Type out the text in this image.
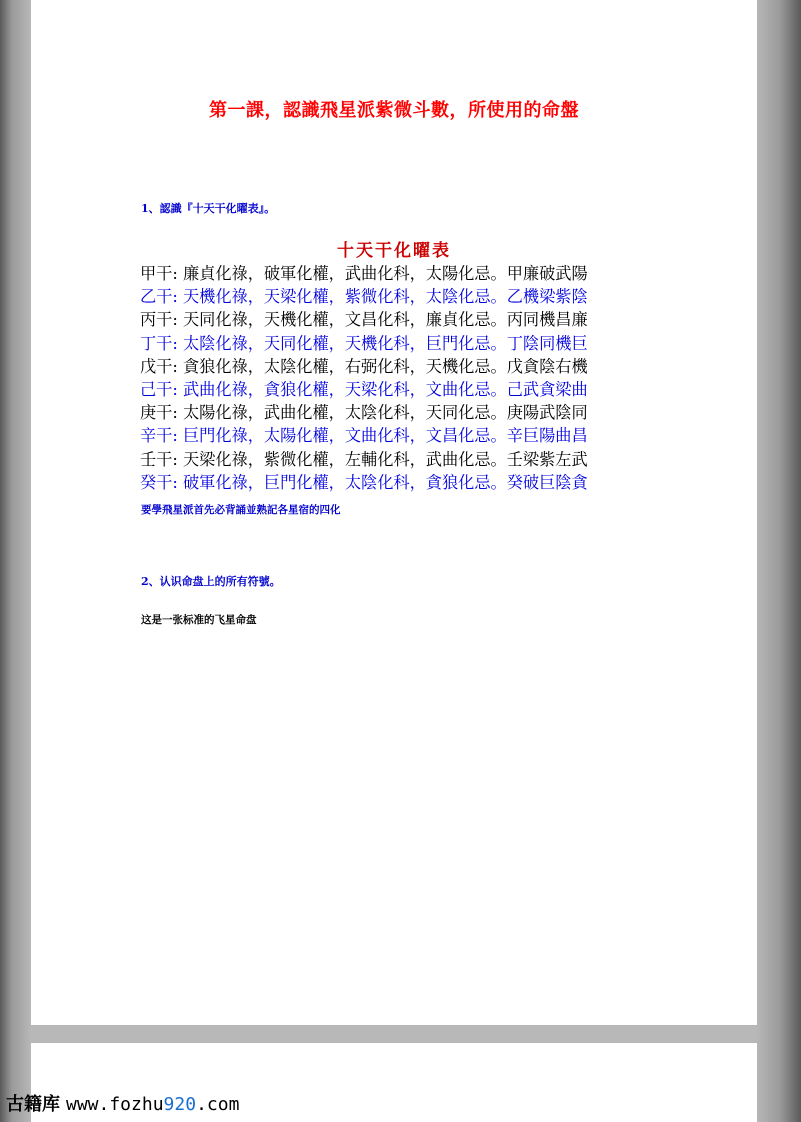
第一課，認識飛星派紫微斗數，所使用的命盤
1、認識『十天干化曜表』。
十天干化曜表
甲干: 廉貞化祿，破軍化權，武曲化科，太陽化忌。甲廉破武陽
乙干: 天機化祿，天梁化權，紫微化科，太陰化忌。乙機梁紫陰
丙干: 天同化祿，天機化權，文昌化科，廉貞化忌。丙同機昌廉
丁干: 太陰化祿，天同化權，天機化科，巨門化忌。丁陰同機巨
戊干: 貪狼化祿，太陰化權，右弼化科，天機化忌。戊貪陰右機
己干: 武曲化祿，貪狼化權，天梁化科，文曲化忌。己武貪梁曲
庚干: 太陽化祿，武曲化權，太陰化科，天同化忌。庚陽武陰同
辛干: 巨門化祿，太陽化權，文曲化科，文昌化忌。辛巨陽曲昌
壬干: 天梁化祿，紫微化權，左輔化科，武曲化忌。壬梁紫左武
癸干: 破軍化祿，巨門化權，太陰化科，貪狼化忌。癸破巨陰貪
要學飛星派首先必背誦並熟記各星宿的四化
2、认识命盘上的所有符號。
这是一张标准的飞星命盘
古籍库 www.fozhu920.com
